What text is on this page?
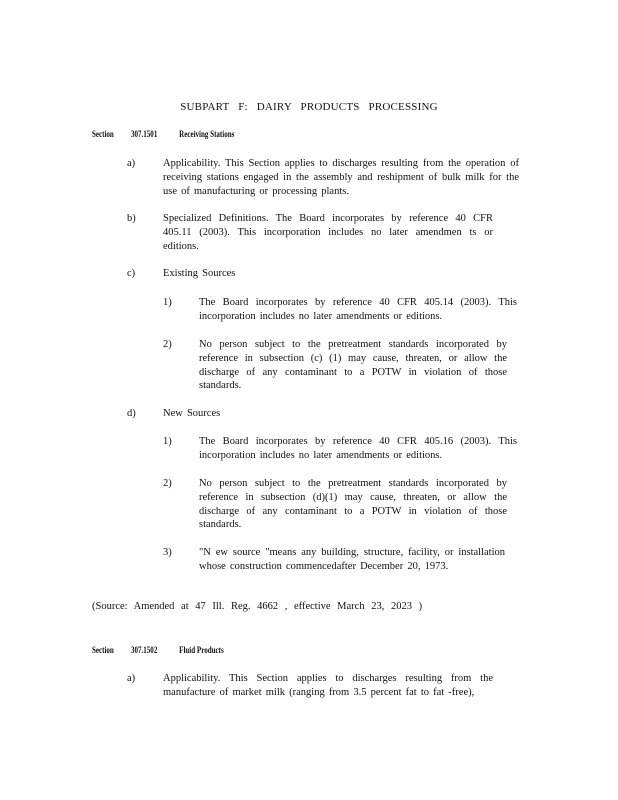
SUBPART F: DAIRY PRODUCTS PROCESSING
Section 307.1501 Receiving Stations
a)	Applicability. This Section applies to discharges resulting from the operation of receiving stations engaged in the assembly and reshipment of bulk milk for the use of manufacturing or processing plants.
b)	Specialized Definitions. The Board incorporates by reference 40 CFR 405.11 (2003). This incorporation includes no later amendmen ts or editions.
c)	Existing Sources
1)	The Board incorporates by reference 40 CFR 405.14 (2003). This incorporation includes no later amendments or editions.
2)	No person subject to the pretreatment standards incorporated by reference in subsection (c) (1) may cause, threaten, or allow the discharge of any contaminant to a POTW in violation of those standards.
d)	New Sources
1)	The Board incorporates by reference 40 CFR 405.16 (2003). This incorporation includes no later amendments or editions.
2)	No person subject to the pretreatment standards incorporated by reference in subsection (d)(1) may cause, threaten, or allow the discharge of any contaminant to a POTW in violation of those standards.
3)	"N ew source "means any building, structure, facility, or installation whose construction commencedafter December 20, 1973.
(Source: Amended at 47 Ill. Reg. 4662 , effective March 23, 2023 )
Section 307.1502 Fluid Products
a)	Applicability. This Section applies to discharges resulting from the manufacture of market milk (ranging from 3.5 percent fat to fat -free),
